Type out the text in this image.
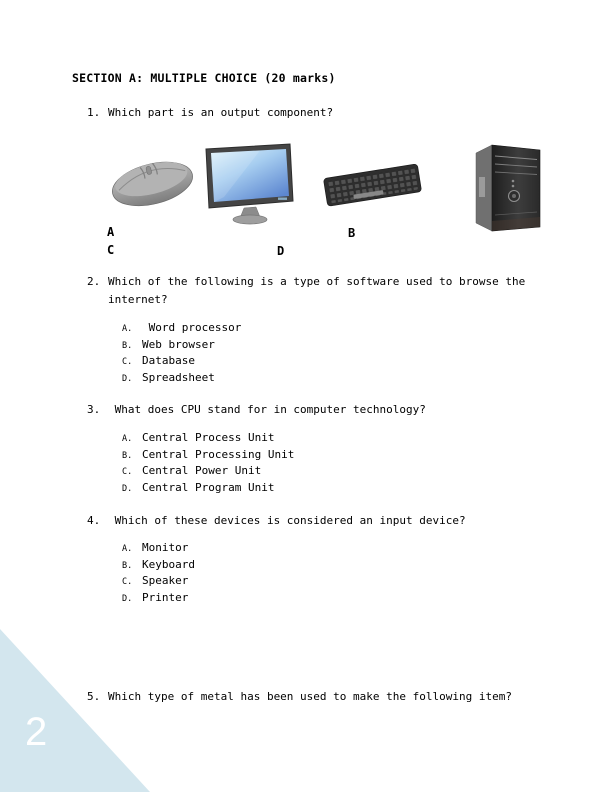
2
SECTION A: MULTIPLE CHOICE (20 marks)
1. Which part is an output component?
A	B
C	D
2. Which of the following is a type of software used to browse the internet?
A. Word processor
B. Web browser
C. Database
D. Spreadsheet
3. What does CPU stand for in computer technology?
A. Central Process Unit
B. Central Processing Unit
C. Central Power Unit
D. Central Program Unit
4. Which of these devices is considered an input device?
A. Monitor
B. Keyboard
C. Speaker
D. Printer
5. Which type of metal has been used to make the following item?
